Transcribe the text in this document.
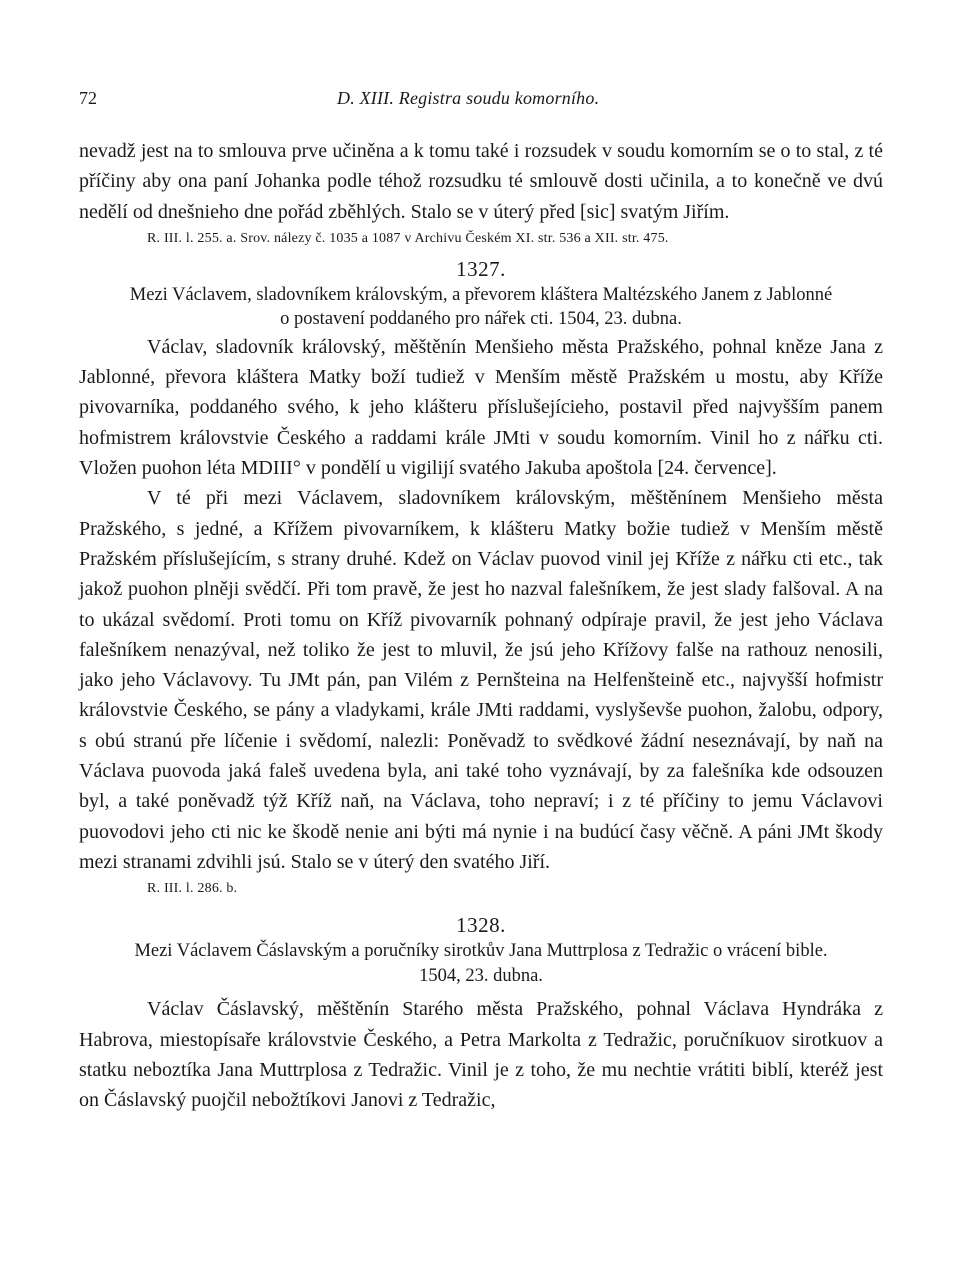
72	D. XIII. Registra soudu komorního.

nevadž jest na to smlouva prve učiněna a k tomu také i rozsudek v soudu komorním se o to stal, z té příčiny aby ona paní Johanka podle téhož rozsudku té smlouvě dosti učinila, a to konečně ve dvú nedělí od dnešnieho dne pořád zběhlých. Stalo se v úterý před [sic] svatým Jiřím.

R. III. l. 255. a. Srov. nálezy č. 1035 a 1087 v Archivu Českém XI. str. 536 a XII. str. 475.

1327.

Mezi Václavem, sladovníkem královským, a převorem kláštera Maltézského Janem z Jablonné

o postavení poddaného pro nářek cti. 1504, 23. dubna.

Václav, sladovník královský, měštěnín Menšieho města Pražského, pohnal kněze Jana z Jablonné, převora kláštera Matky boží tudiež v Menším městě Pražském u mostu, aby Kříže pivovarníka, poddaného svého, k jeho klášteru příslušejícieho, postavil před najvyšším panem hofmistrem královstvie Českého a raddami krále JMti v soudu komorním. Vinil ho z nářku cti. Vložen puohon léta MDIII° v pondělí u vigilijí svatého Jakuba apoštola [24. července].

V té při mezi Václavem, sladovníkem královským, měštěnínem Menšieho města Pražského, s jedné, a Křížem pivovarníkem, k klášteru Matky božie tudiež v Menším městě Pražském příslušejícím, s strany druhé. Kdež on Václav puovod vinil jej Kříže z nářku cti etc., tak jakož puohon plněji svědčí. Při tom pravě, že jest ho nazval falešníkem, že jest slady falšoval. A na to ukázal svědomí. Proti tomu on Kříž pivovarník pohnaný odpíraje pravil, že jest jeho Václava falešníkem nenazýval, než toliko že jest to mluvil, že jsú jeho Křížovy falše na rathouz nenosili, jako jeho Václavovy. Tu JMt pán, pan Vilém z Pernšteina na Helfenšteině etc., najvyšší hofmistr královstvie Českého, se pány a vladykami, krále JMti raddami, vyslyševše puohon, žalobu, odpory, s obú stranú pře líčenie i svědomí, nalezli: Poněvadž to svědkové žádní neseznávají, by naň na Václava puovoda jaká faleš uvedena byla, ani také toho vyznávají, by za falešníka kde odsouzen byl, a také poněvadž týž Kříž naň, na Václava, toho nepraví; i z té příčiny to jemu Václavovi puovodovi jeho cti nic ke škodě nenie ani býti má nynie i na budúcí časy věčně. A páni JMt škody mezi stranami zdvihli jsú. Stalo se v úterý den svatého Jiří.

R. III. l. 286. b.

1328.

Mezi Václavem Čáslavským a poručníky sirotkův Jana Muttrplosa z Tedražic o vrácení bible.

1504, 23. dubna.

Václav Čáslavský, měštěnín Starého města Pražského, pohnal Václava Hyndráka z Habrova, miestopísaře královstvie Českého, a Petra Markolta z Tedražic, poručníkuov sirotkuov a statku neboztíka Jana Muttrplosa z Tedražic. Vinil je z toho, že mu nechtie vrátiti biblí, kteréž jest on Čáslavský puojčil nebožtíkovi Janovi z Tedražic,
